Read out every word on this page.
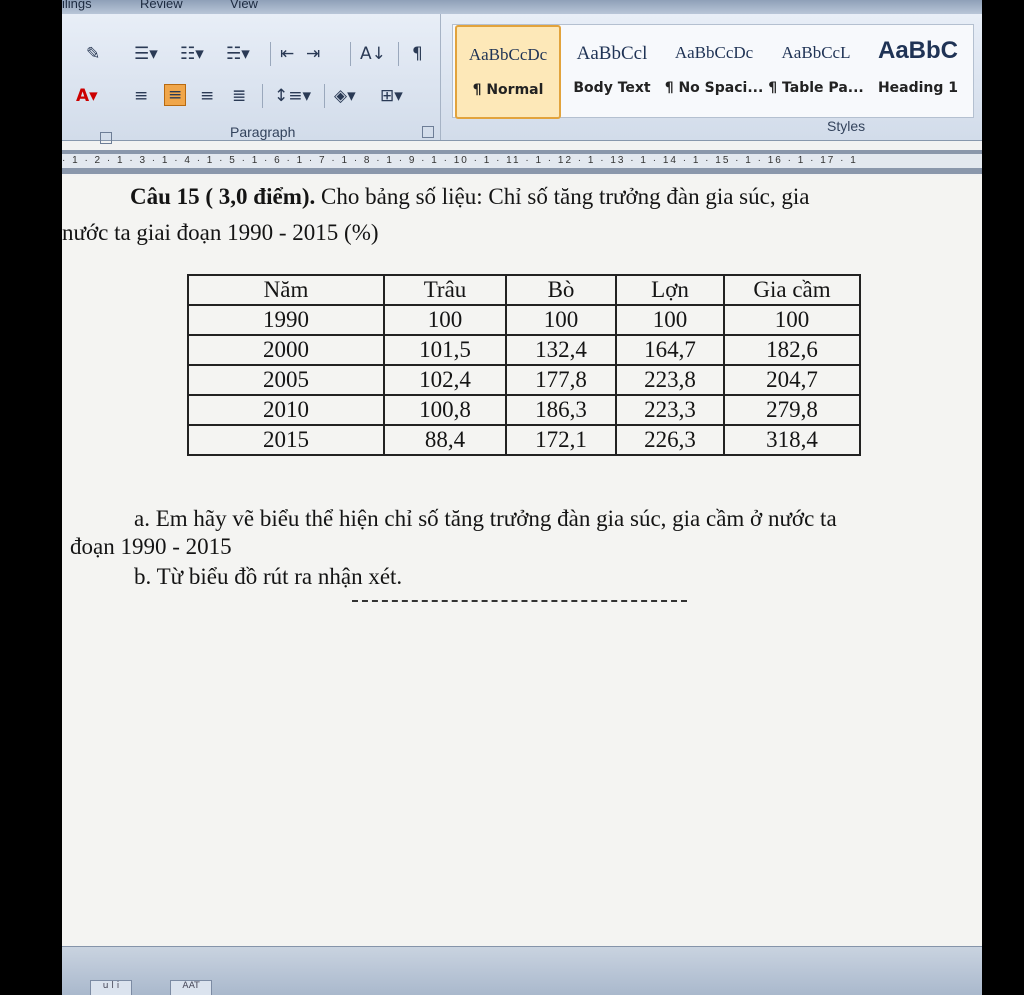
ilings	Review	View
✎ ☰▾ ☷▾ ☵▾ ⇤ ⇥ A↓ ¶
A▾ ≡ ≡ ≡ ≣ ↕≡▾ ◈▾ ⊞▾
Paragraph
AaBbCcDc
¶ Normal
AaBbCcl
Body Text
AaBbCcDc
¶ No Spaci...
AaBbCcL
¶ Table Pa...
AaBbC
Heading 1
Styles
· 1 · 2 · 1 · 3 · 1 · 4 · 1 · 5 · 1 · 6 · 1 · 7 · 1 · 8 · 1 · 9 · 1 · 10 · 1 · 11 · 1 · 12 · 1 · 13 · 1 · 14 · 1 · 15 · 1 · 16 · 1 · 17 · 1
Câu 15 ( 3,0 điểm). Cho bảng số liệu: Chỉ số tăng trưởng đàn gia súc, gia
nước ta giai đoạn 1990 - 2015 (%)
Năm	Trâu	Bò	Lợn	Gia cầm
1990	100	100	100	100
2000	101,5	132,4	164,7	182,6
2005	102,4	177,8	223,8	204,7
2010	100,8	186,3	223,3	279,8
2015	88,4	172,1	226,3	318,4
a. Em hãy vẽ biểu thể hiện chỉ số tăng trưởng đàn gia súc, gia cầm ở nước ta
đoạn 1990 - 2015
b. Từ biểu đồ rút ra nhận xét.
u l i	AAT
